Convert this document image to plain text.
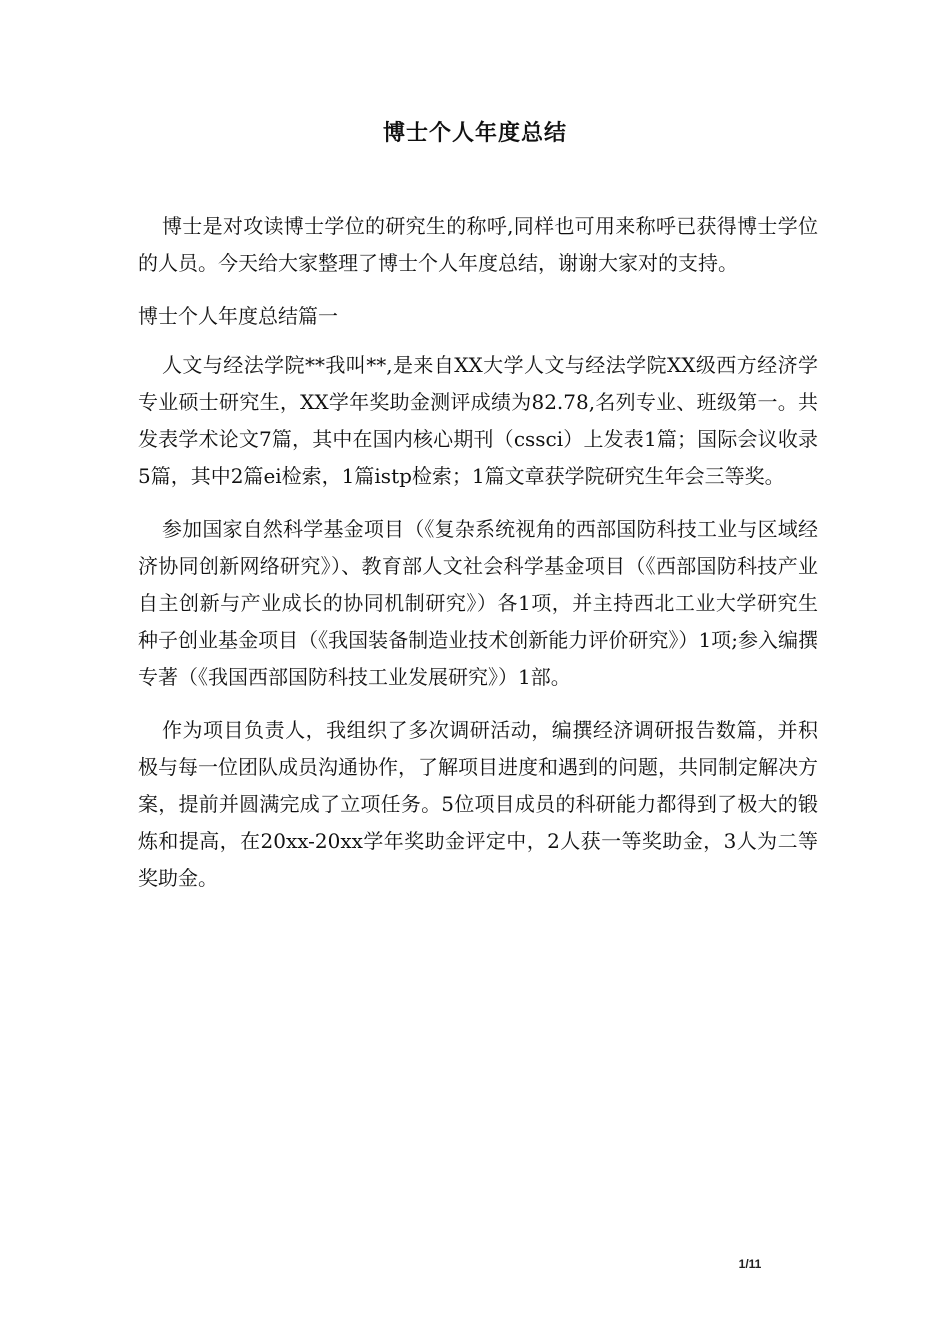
博士个人年度总结

博士是对攻读博士学位的研究生的称呼,同样也可用来称呼已获得博士学位的人员。今天给大家整理了博士个人年度总结，谢谢大家对的支持。

博士个人年度总结篇一

人文与经法学院**我叫**,是来自XX大学人文与经法学院XX级西方经济学专业硕士研究生，XX学年奖助金测评成绩为82.78,名列专业、班级第一。共发表学术论文7篇，其中在国内核心期刊（cssci）上发表1篇；国际会议收录5篇，其中2篇ei检索，1篇istp检索；1篇文章获学院研究生年会三等奖。

参加国家自然科学基金项目（《复杂系统视角的西部国防科技工业与区域经济协同创新网络研究》）、教育部人文社会科学基金项目（《西部国防科技产业自主创新与产业成长的协同机制研究》）各1项，并主持西北工业大学研究生种子创业基金项目（《我国装备制造业技术创新能力评价研究》）1项;参入编撰专著（《我国西部国防科技工业发展研究》）1部。

作为项目负责人，我组织了多次调研活动，编撰经济调研报告数篇，并积极与每一位团队成员沟通协作，了解项目进度和遇到的问题，共同制定解决方案，提前并圆满完成了立项任务。5位项目成员的科研能力都得到了极大的锻炼和提高，在20xx-20xx学年奖助金评定中，2人获一等奖助金，3人为二等奖助金。

1/11
